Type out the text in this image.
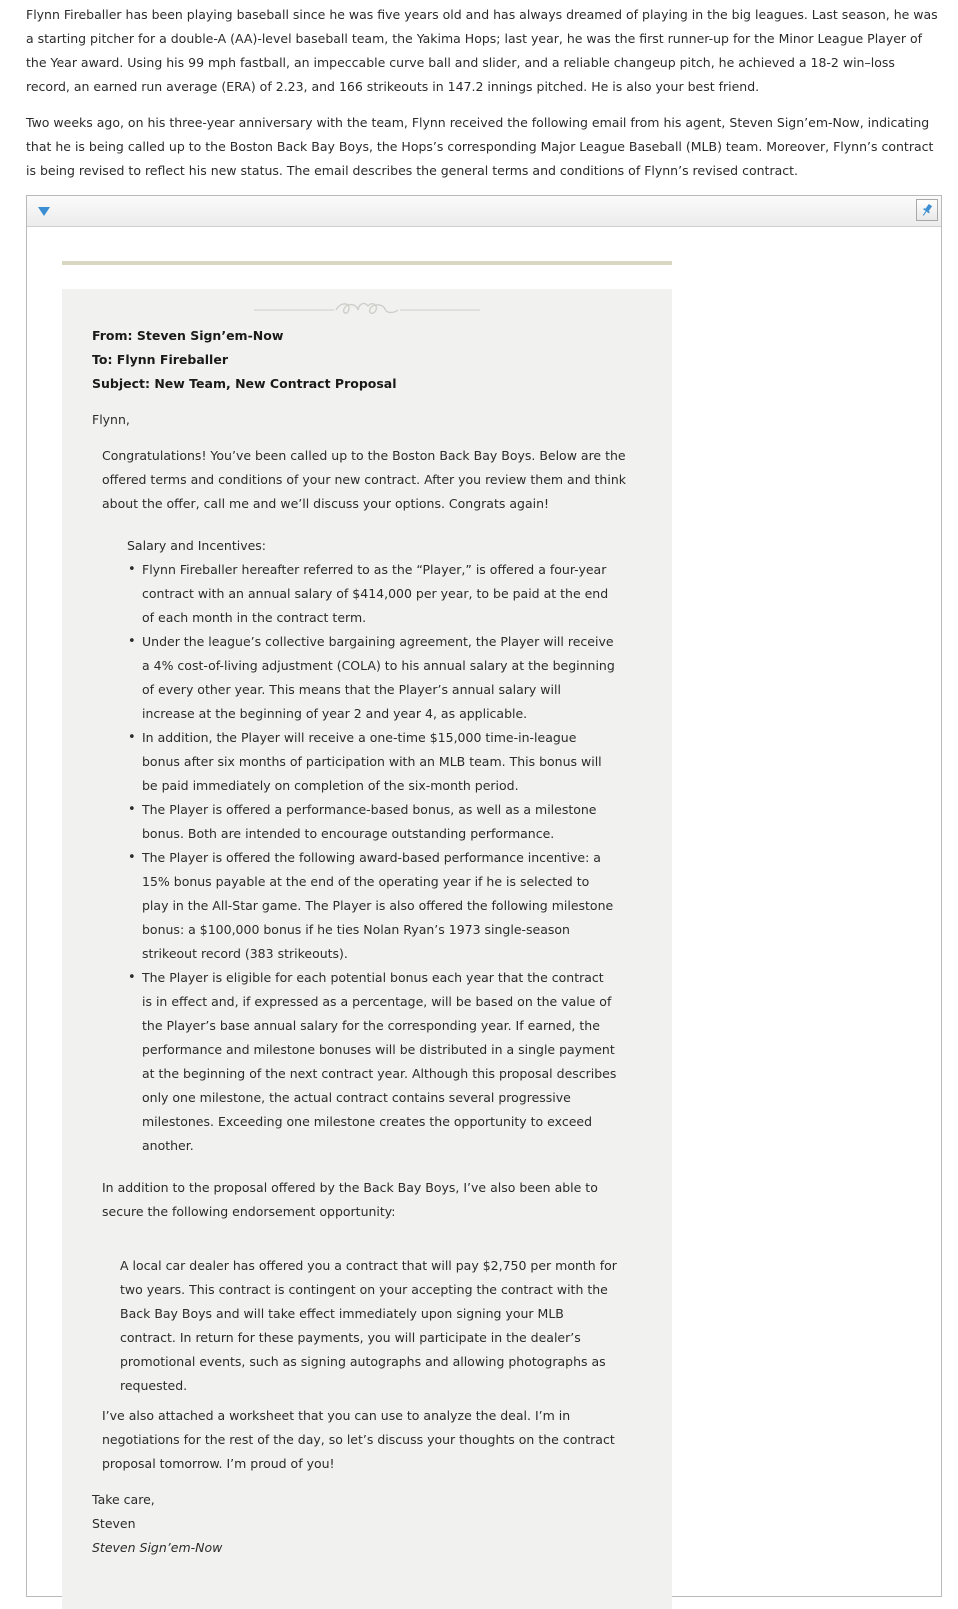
Flynn Fireballer has been playing baseball since he was five years old and has always dreamed of playing in the big leagues. Last season, he was a starting pitcher for a double-A (AA)-level baseball team, the Yakima Hops; last year, he was the first runner-up for the Minor League Player of the Year award. Using his 99 mph fastball, an impeccable curve ball and slider, and a reliable changeup pitch, he achieved a 18-2 win–loss record, an earned run average (ERA) of 2.23, and 166 strikeouts in 147.2 innings pitched. He is also your best friend.

Two weeks ago, on his three-year anniversary with the team, Flynn received the following email from his agent, Steven Sign’em-Now, indicating that he is being called up to the Boston Back Bay Boys, the Hops’s corresponding Major League Baseball (MLB) team. Moreover, Flynn’s contract is being revised to reflect his new status. The email describes the general terms and conditions of Flynn’s revised contract.

From: Steven Sign’em-Now
To: Flynn Fireballer
Subject: New Team, New Contract Proposal
Flynn,

Congratulations! You’ve been called up to the Boston Back Bay Boys. Below are the offered terms and conditions of your new contract. After you review them and think about the offer, call me and we’ll discuss your options. Congrats again!

Salary and Incentives:
• Flynn Fireballer hereafter referred to as the “Player,” is offered a four-year contract with an annual salary of $414,000 per year, to be paid at the end of each month in the contract term.
• Under the league’s collective bargaining agreement, the Player will receive a 4% cost-of-living adjustment (COLA) to his annual salary at the beginning of every other year. This means that the Player’s annual salary will increase at the beginning of year 2 and year 4, as applicable.
• In addition, the Player will receive a one-time $15,000 time-in-league bonus after six months of participation with an MLB team. This bonus will be paid immediately on completion of the six-month period.
• The Player is offered a performance-based bonus, as well as a milestone bonus. Both are intended to encourage outstanding performance.
• The Player is offered the following award-based performance incentive: a 15% bonus payable at the end of the operating year if he is selected to play in the All-Star game. The Player is also offered the following milestone bonus: a $100,000 bonus if he ties Nolan Ryan’s 1973 single-season strikeout record (383 strikeouts).
• The Player is eligible for each potential bonus each year that the contract is in effect and, if expressed as a percentage, will be based on the value of the Player’s base annual salary for the corresponding year. If earned, the performance and milestone bonuses will be distributed in a single payment at the beginning of the next contract year. Although this proposal describes only one milestone, the actual contract contains several progressive milestones. Exceeding one milestone creates the opportunity to exceed another.

In addition to the proposal offered by the Back Bay Boys, I’ve also been able to secure the following endorsement opportunity:

A local car dealer has offered you a contract that will pay $2,750 per month for two years. This contract is contingent on your accepting the contract with the Back Bay Boys and will take effect immediately upon signing your MLB contract. In return for these payments, you will participate in the dealer’s promotional events, such as signing autographs and allowing photographs as requested.

I’ve also attached a worksheet that you can use to analyze the deal. I’m in negotiations for the rest of the day, so let’s discuss your thoughts on the contract proposal tomorrow. I’m proud of you!

Take care,
Steven
Steven Sign’em-Now
